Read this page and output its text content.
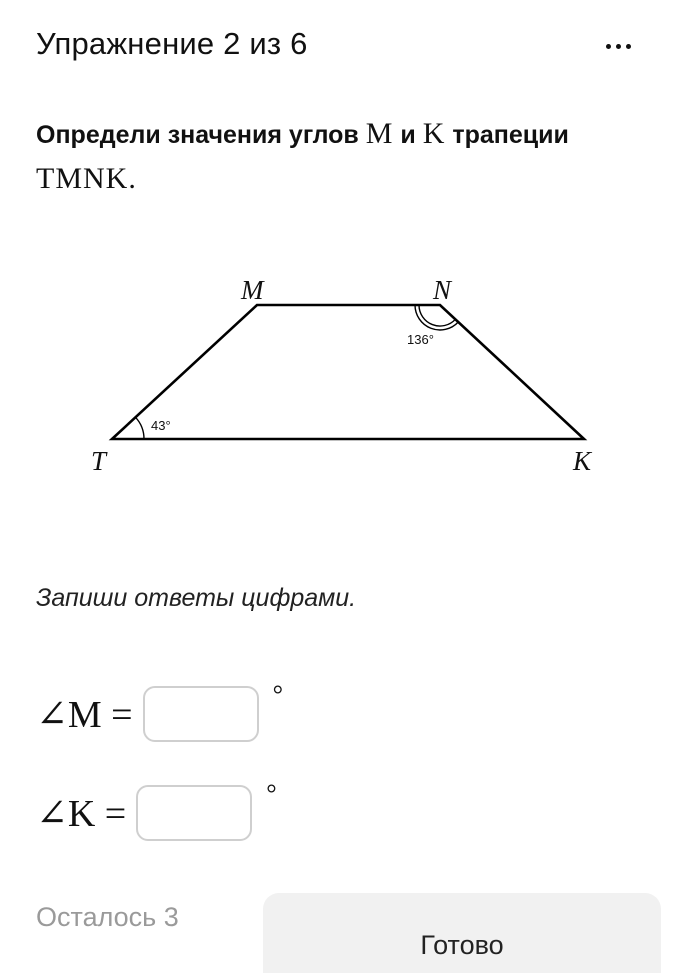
Упражнение 2 из 6
Определи значения углов M и K трапеции
TMNK.
M	N
T	K
43°
136°
Запиши ответы цифрами.
∠M =	°
∠K =	°
Осталось 3
Готово
